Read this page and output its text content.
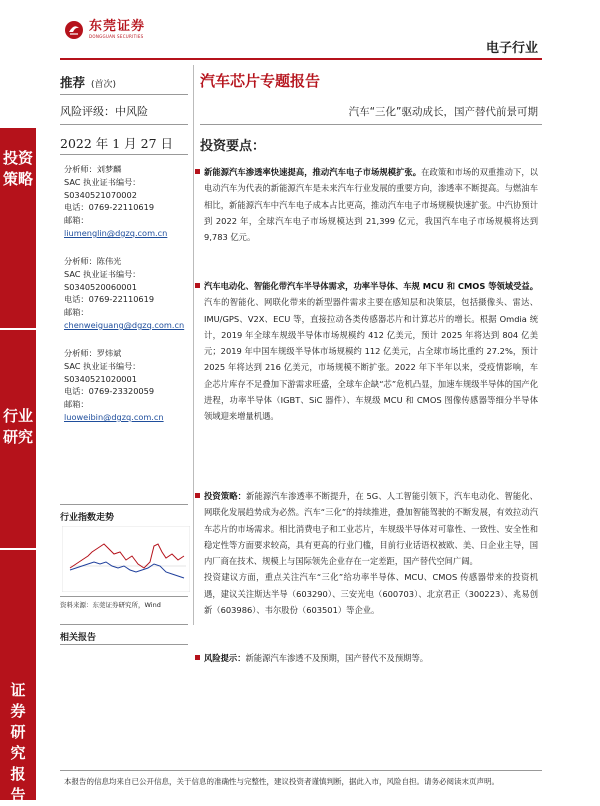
东莞证券
DONGGUAN SECURITIES
电子行业
投资策略
行业研究
证券研究报告
推荐 (首次)
风险评级：中风险
2022 年 1 月 27 日
分析师：刘梦麟
SAC 执业证书编号：
S0340521070002
电话：0769-22110619
邮箱：
liumenglin@dgzq.com.cn
分析师：陈伟光
SAC 执业证书编号：
S0340520060001
电话：0769-22110619
邮箱：
chenweiguang@dgzq.com.cn
分析师：罗炜斌
SAC 执业证书编号：
S0340521020001
电话：0769-23320059
邮箱：
luoweibin@dgzq.com.cn
行业指数走势
资料来源：东莞证券研究所，Wind
相关报告
汽车芯片专题报告
汽车“三化”驱动成长，国产替代前景可期
投资要点：
新能源汽车渗透率快速提高，推动汽车电子市场规模扩张。在政策和市场的双重推动下，以电动汽车为代表的新能源汽车是未来汽车行业发展的重要方向，渗透率不断提高。与燃油车相比，新能源汽车中汽车电子成本占比更高，推动汽车电子市场规模快速扩张。中汽协预计到 2022 年，全球汽车电子市场规模达到 21,399 亿元，我国汽车电子市场规模将达到 9,783 亿元。
汽车电动化、智能化带汽车半导体需求，功率半导体、车规 MCU 和 CMOS 等领域受益。汽车的智能化、网联化带来的新型器件需求主要在感知层和决策层，包括摄像头、雷达、IMU/GPS、V2X、ECU 等，直接拉动各类传感器芯片和计算芯片的增长。根据 Omdia 统计，2019 年全球车规级半导体市场规模约 412 亿美元，预计 2025 年将达到 804 亿美元；2019 年中国车规级半导体市场规模约 112 亿美元，占全球市场比重约 27.2%，预计 2025 年将达到 216 亿美元，市场规模不断扩张。2022 年下半年以来，受疫情影响，车企芯片库存不足叠加下游需求旺盛，全球车企缺“芯”危机凸显，加速车规级半导体的国产化进程，功率半导体（IGBT、SiC 器件）、车规级 MCU 和 CMOS 图像传感器等细分半导体领域迎来增量机遇。
投资策略：新能源汽车渗透率不断提升，在 5G、人工智能引领下，汽车电动化、智能化、网联化发展趋势成为必然。汽车“三化”的持续推进，叠加智能驾驶的不断发展，有效拉动汽车芯片的市场需求。相比消费电子和工业芯片，车规级半导体对可靠性、一致性、安全性和稳定性等方面要求较高，具有更高的行业门槛，目前行业话语权被欧、美、日企业主导，国内厂商在技术、规模上与国际领先企业存在一定差距，国产替代空间广阔。
投资建议方面，重点关注汽车“三化”给功率半导体、MCU、CMOS 传感器带来的投资机遇，建议关注斯达半导（603290）、三安光电（600703）、北京君正（300223）、兆易创新（603986）、韦尔股份（603501）等企业。
风险提示：新能源汽车渗透不及预期，国产替代不及预期等。
本报告的信息均来自已公开信息，关于信息的准确性与完整性，建议投资者谨慎判断，据此入市，风险自担。请务必阅读末页声明。
